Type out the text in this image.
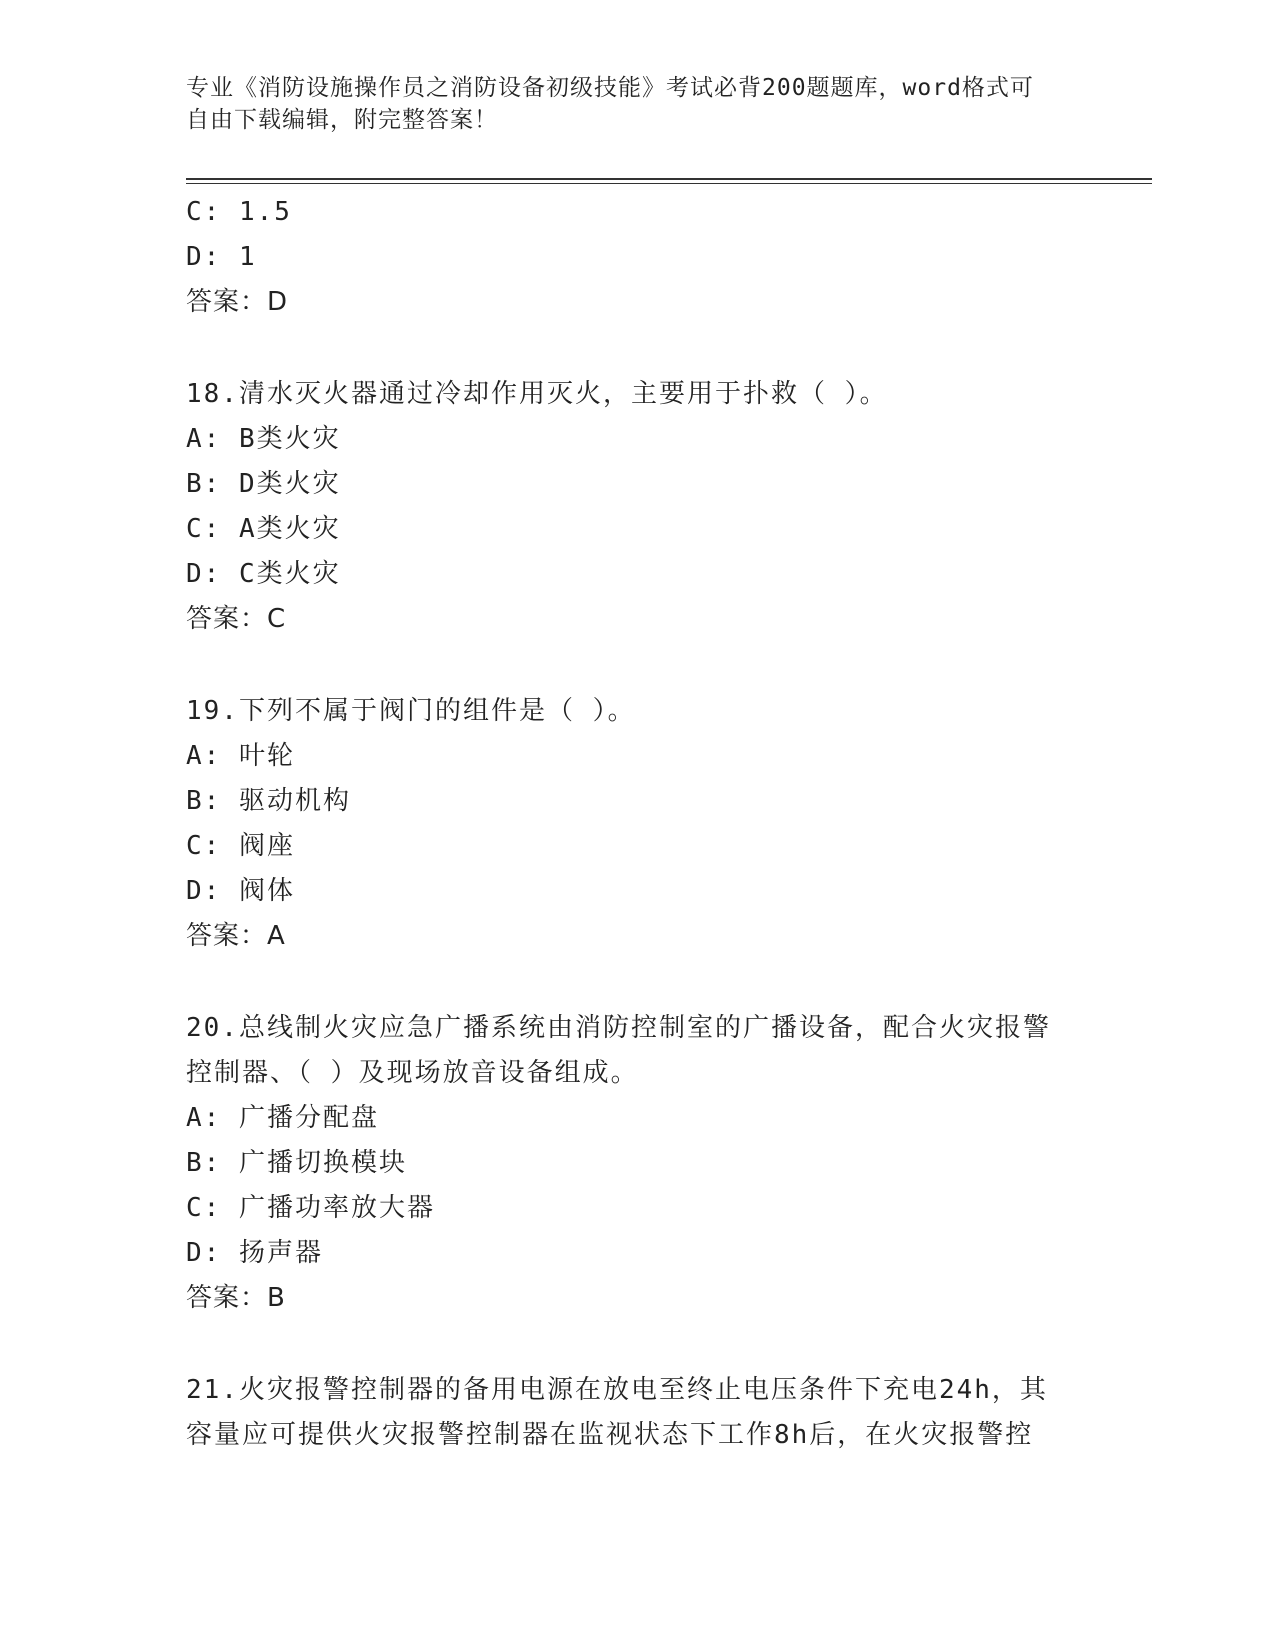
专业《消防设施操作员之消防设备初级技能》考试必背200题题库，word格式可
自由下载编辑，附完整答案！
C: 1.5
D: 1
答案：D
18.清水灭火器通过冷却作用灭火，主要用于扑救（ ）。
A: B类火灾
B: D类火灾
C: A类火灾
D: C类火灾
答案：C
19.下列不属于阀门的组件是（ ）。
A: 叶轮
B: 驱动机构
C: 阀座
D: 阀体
答案：A
20.总线制火灾应急广播系统由消防控制室的广播设备，配合火灾报警
控制器、（ ）及现场放音设备组成。
A: 广播分配盘
B: 广播切换模块
C: 广播功率放大器
D: 扬声器
答案：B
21.火灾报警控制器的备用电源在放电至终止电压条件下充电24h，其
容量应可提供火灾报警控制器在监视状态下工作8h后，在火灾报警控
